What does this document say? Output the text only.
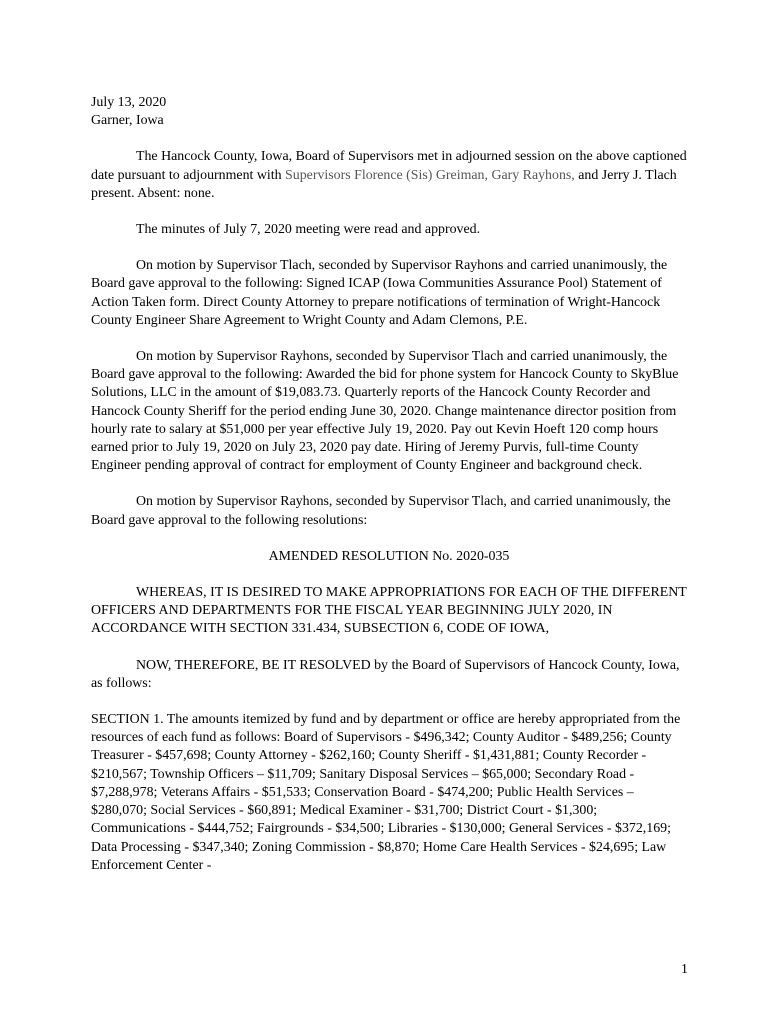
July 13, 2020
Garner, Iowa

The Hancock County, Iowa, Board of Supervisors met in adjourned session on the above captioned date pursuant to adjournment with Supervisors Florence (Sis) Greiman, Gary Rayhons, and Jerry J. Tlach present. Absent: none.

The minutes of July 7, 2020 meeting were read and approved.

On motion by Supervisor Tlach, seconded by Supervisor Rayhons and carried unanimously, the Board gave approval to the following: Signed ICAP (Iowa Communities Assurance Pool) Statement of Action Taken form. Direct County Attorney to prepare notifications of termination of Wright-Hancock County Engineer Share Agreement to Wright County and Adam Clemons, P.E.

On motion by Supervisor Rayhons, seconded by Supervisor Tlach and carried unanimously, the Board gave approval to the following: Awarded the bid for phone system for Hancock County to SkyBlue Solutions, LLC in the amount of $19,083.73. Quarterly reports of the Hancock County Recorder and Hancock County Sheriff for the period ending June 30, 2020. Change maintenance director position from hourly rate to salary at $51,000 per year effective July 19, 2020. Pay out Kevin Hoeft 120 comp hours earned prior to July 19, 2020 on July 23, 2020 pay date. Hiring of Jeremy Purvis, full-time County Engineer pending approval of contract for employment of County Engineer and background check.

On motion by Supervisor Rayhons, seconded by Supervisor Tlach, and carried unanimously, the Board gave approval to the following resolutions:

AMENDED RESOLUTION No. 2020-035

WHEREAS, IT IS DESIRED TO MAKE APPROPRIATIONS FOR EACH OF THE DIFFERENT OFFICERS AND DEPARTMENTS FOR THE FISCAL YEAR BEGINNING JULY 2020, IN ACCORDANCE WITH SECTION 331.434, SUBSECTION 6, CODE OF IOWA,

NOW, THEREFORE, BE IT RESOLVED by the Board of Supervisors of Hancock County, Iowa, as follows:

SECTION 1. The amounts itemized by fund and by department or office are hereby appropriated from the resources of each fund as follows: Board of Supervisors - $496,342; County Auditor - $489,256; County Treasurer - $457,698; County Attorney - $262,160; County Sheriff - $1,431,881; County Recorder - $210,567; Township Officers – $11,709; Sanitary Disposal Services – $65,000; Secondary Road - $7,288,978; Veterans Affairs - $51,533; Conservation Board - $474,200; Public Health Services – $280,070; Social Services - $60,891; Medical Examiner - $31,700; District Court - $1,300; Communications - $444,752; Fairgrounds - $34,500; Libraries - $130,000; General Services - $372,169; Data Processing - $347,340; Zoning Commission - $8,870; Home Care Health Services - $24,695; Law Enforcement Center -

1
